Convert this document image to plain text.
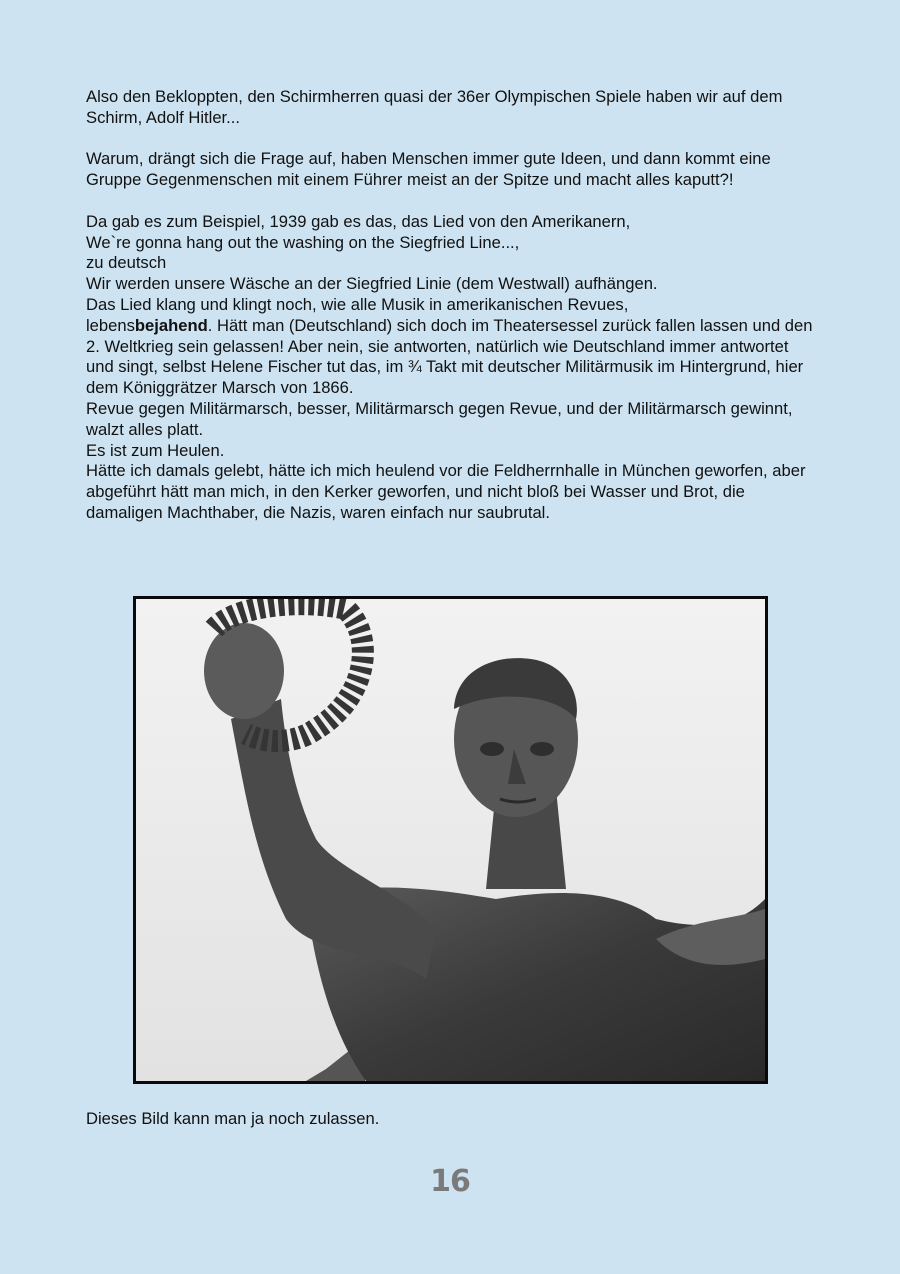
Also den Bekloppten, den Schirmherren quasi der 36er Olympischen Spiele haben wir auf dem Schirm, Adolf Hitler...

Warum, drängt sich die Frage auf, haben Menschen immer gute Ideen, und dann kommt eine Gruppe Gegenmenschen mit einem Führer meist an der Spitze und macht alles kaputt?!

Da gab es zum Beispiel, 1939 gab es das, das Lied von den Amerikanern,

We`re gonna hang out the washing on the Siegfried Line...,

zu deutsch

Wir werden unsere Wäsche an der Siegfried Linie (dem Westwall) aufhängen.

Das Lied klang und klingt noch, wie alle Musik in amerikanischen Revues,

lebensbejahend. Hätt man (Deutschland) sich doch im Theatersessel zurück fallen lassen und den 2. Weltkrieg sein gelassen! Aber nein, sie antworten, natürlich wie Deutschland immer antwortet und singt, selbst Helene Fischer tut das, im ¾ Takt mit deutscher Militärmusik im Hintergrund, hier dem Königgrätzer Marsch von 1866.

Revue gegen Militärmarsch, besser, Militärmarsch gegen Revue, und der Militärmarsch gewinnt, walzt alles platt.

Es ist zum Heulen.

Hätte ich damals gelebt, hätte ich mich heulend vor die Feldherrnhalle in München geworfen, aber abgeführt hätt man mich, in den Kerker geworfen, und nicht bloß bei Wasser und Brot, die damaligen Machthaber, die Nazis, waren einfach nur saubrutal.

Dieses Bild kann man ja noch zulassen.
16
